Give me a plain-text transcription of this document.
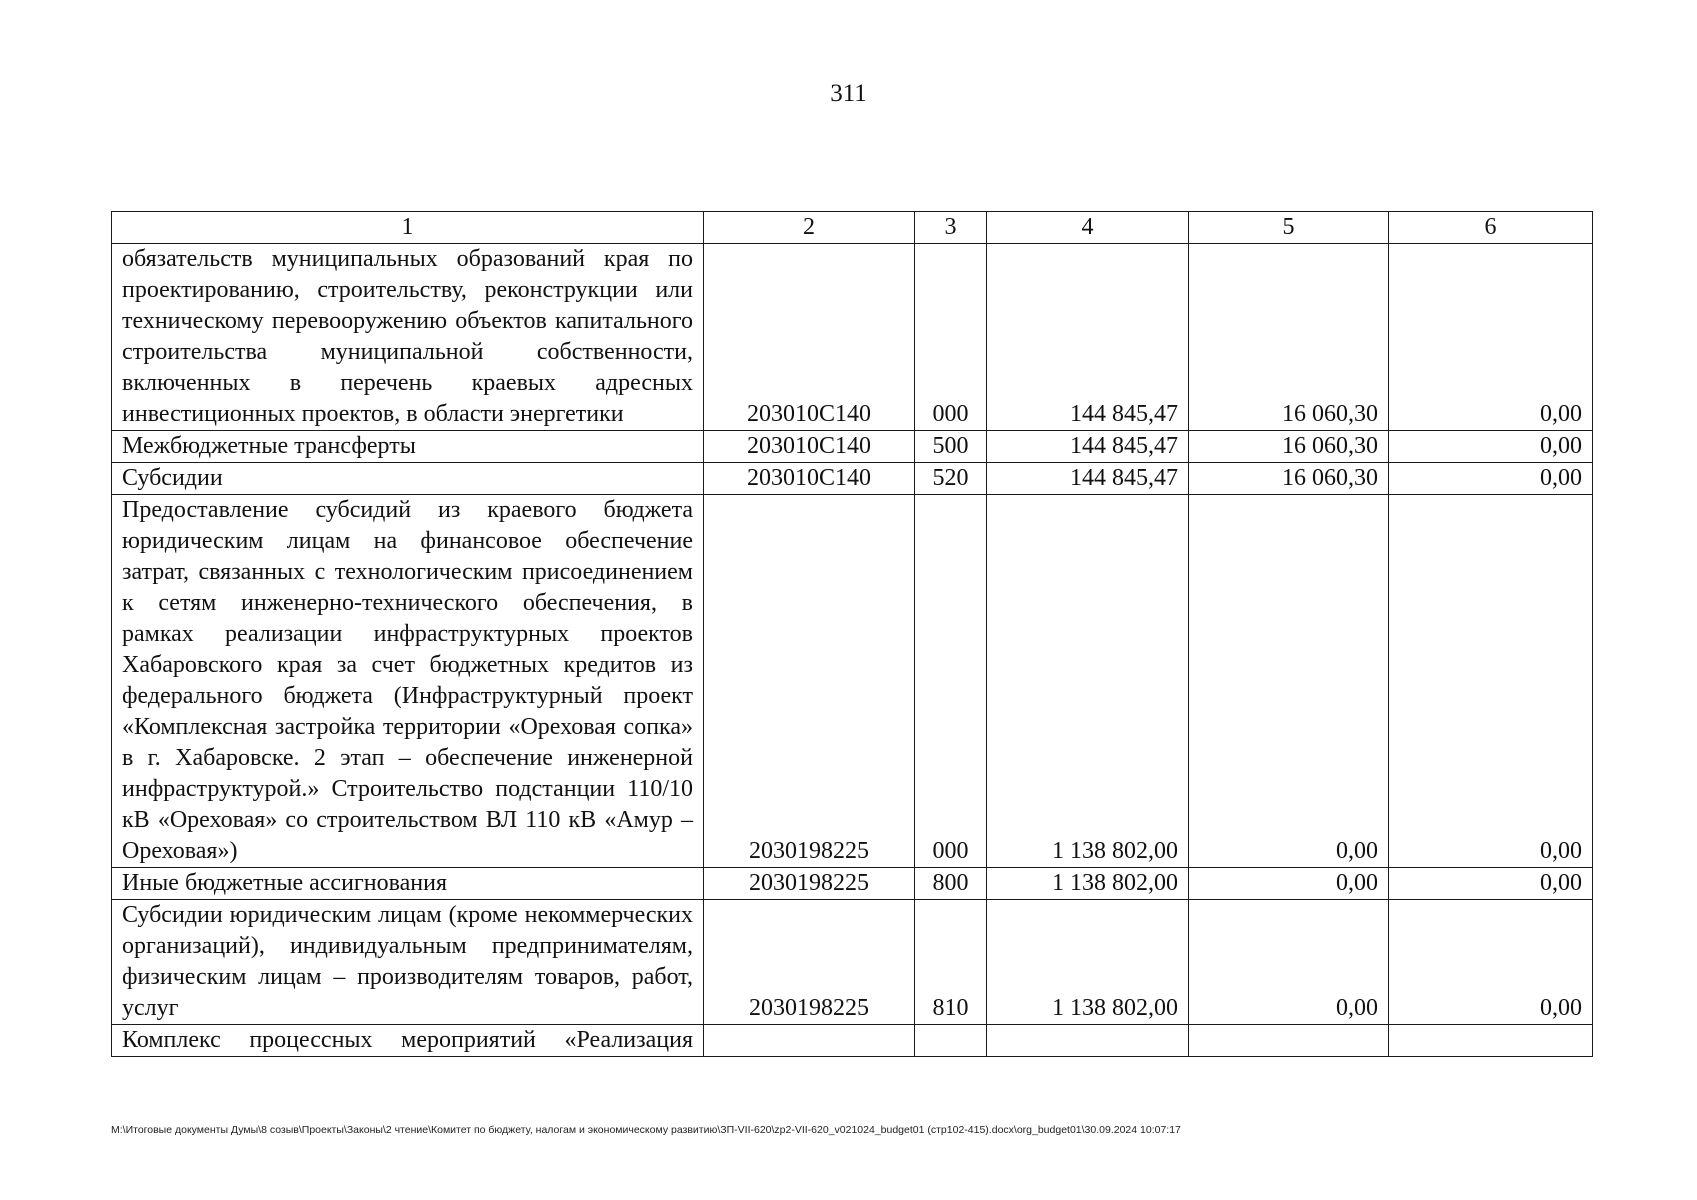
311
1	2	3	4	5	6
обязательств муниципальных образований края по проектированию, строительству, реконструкции или техническому перевооружению объектов капитального строительства муниципальной собственности, включенных в перечень краевых адресных инвестиционных проектов, в области энергетики	203010C140	000	144 845,47	16 060,30	0,00
Межбюджетные трансферты	203010C140	500	144 845,47	16 060,30	0,00
Субсидии	203010C140	520	144 845,47	16 060,30	0,00
Предоставление субсидий из краевого бюджета юридическим лицам на финансовое обеспечение затрат, связанных с технологическим присоединением к сетям инженерно-технического обеспечения, в рамках реализации инфраструктурных проектов Хабаровского края за счет бюджетных кредитов из федерального бюджета (Инфраструктурный проект «Комплексная застройка территории «Ореховая сопка» в г. Хабаровске. 2 этап – обеспечение инженерной инфраструктурой.» Строительство подстанции 110/10 кВ «Ореховая» со строительством ВЛ 110 кВ «Амур – Ореховая»)	2030198225	000	1 138 802,00	0,00	0,00
Иные бюджетные ассигнования	2030198225	800	1 138 802,00	0,00	0,00
Субсидии юридическим лицам (кроме некоммерческих организаций), индивидуальным предпринимателям, физическим лицам – производителям товаров, работ, услуг	2030198225	810	1 138 802,00	0,00	0,00
Комплекс процессных мероприятий «Реализация					
M:\Итоговые документы Думы\8 созыв\Проекты\Законы\2 чтение\Комитет по бюджету, налогам и экономическому развитию\ЗП-VII-620\zp2-VII-620_v021024_budget01 (стр102-415).docx\org_budget01\30.09.2024 10:07:17
